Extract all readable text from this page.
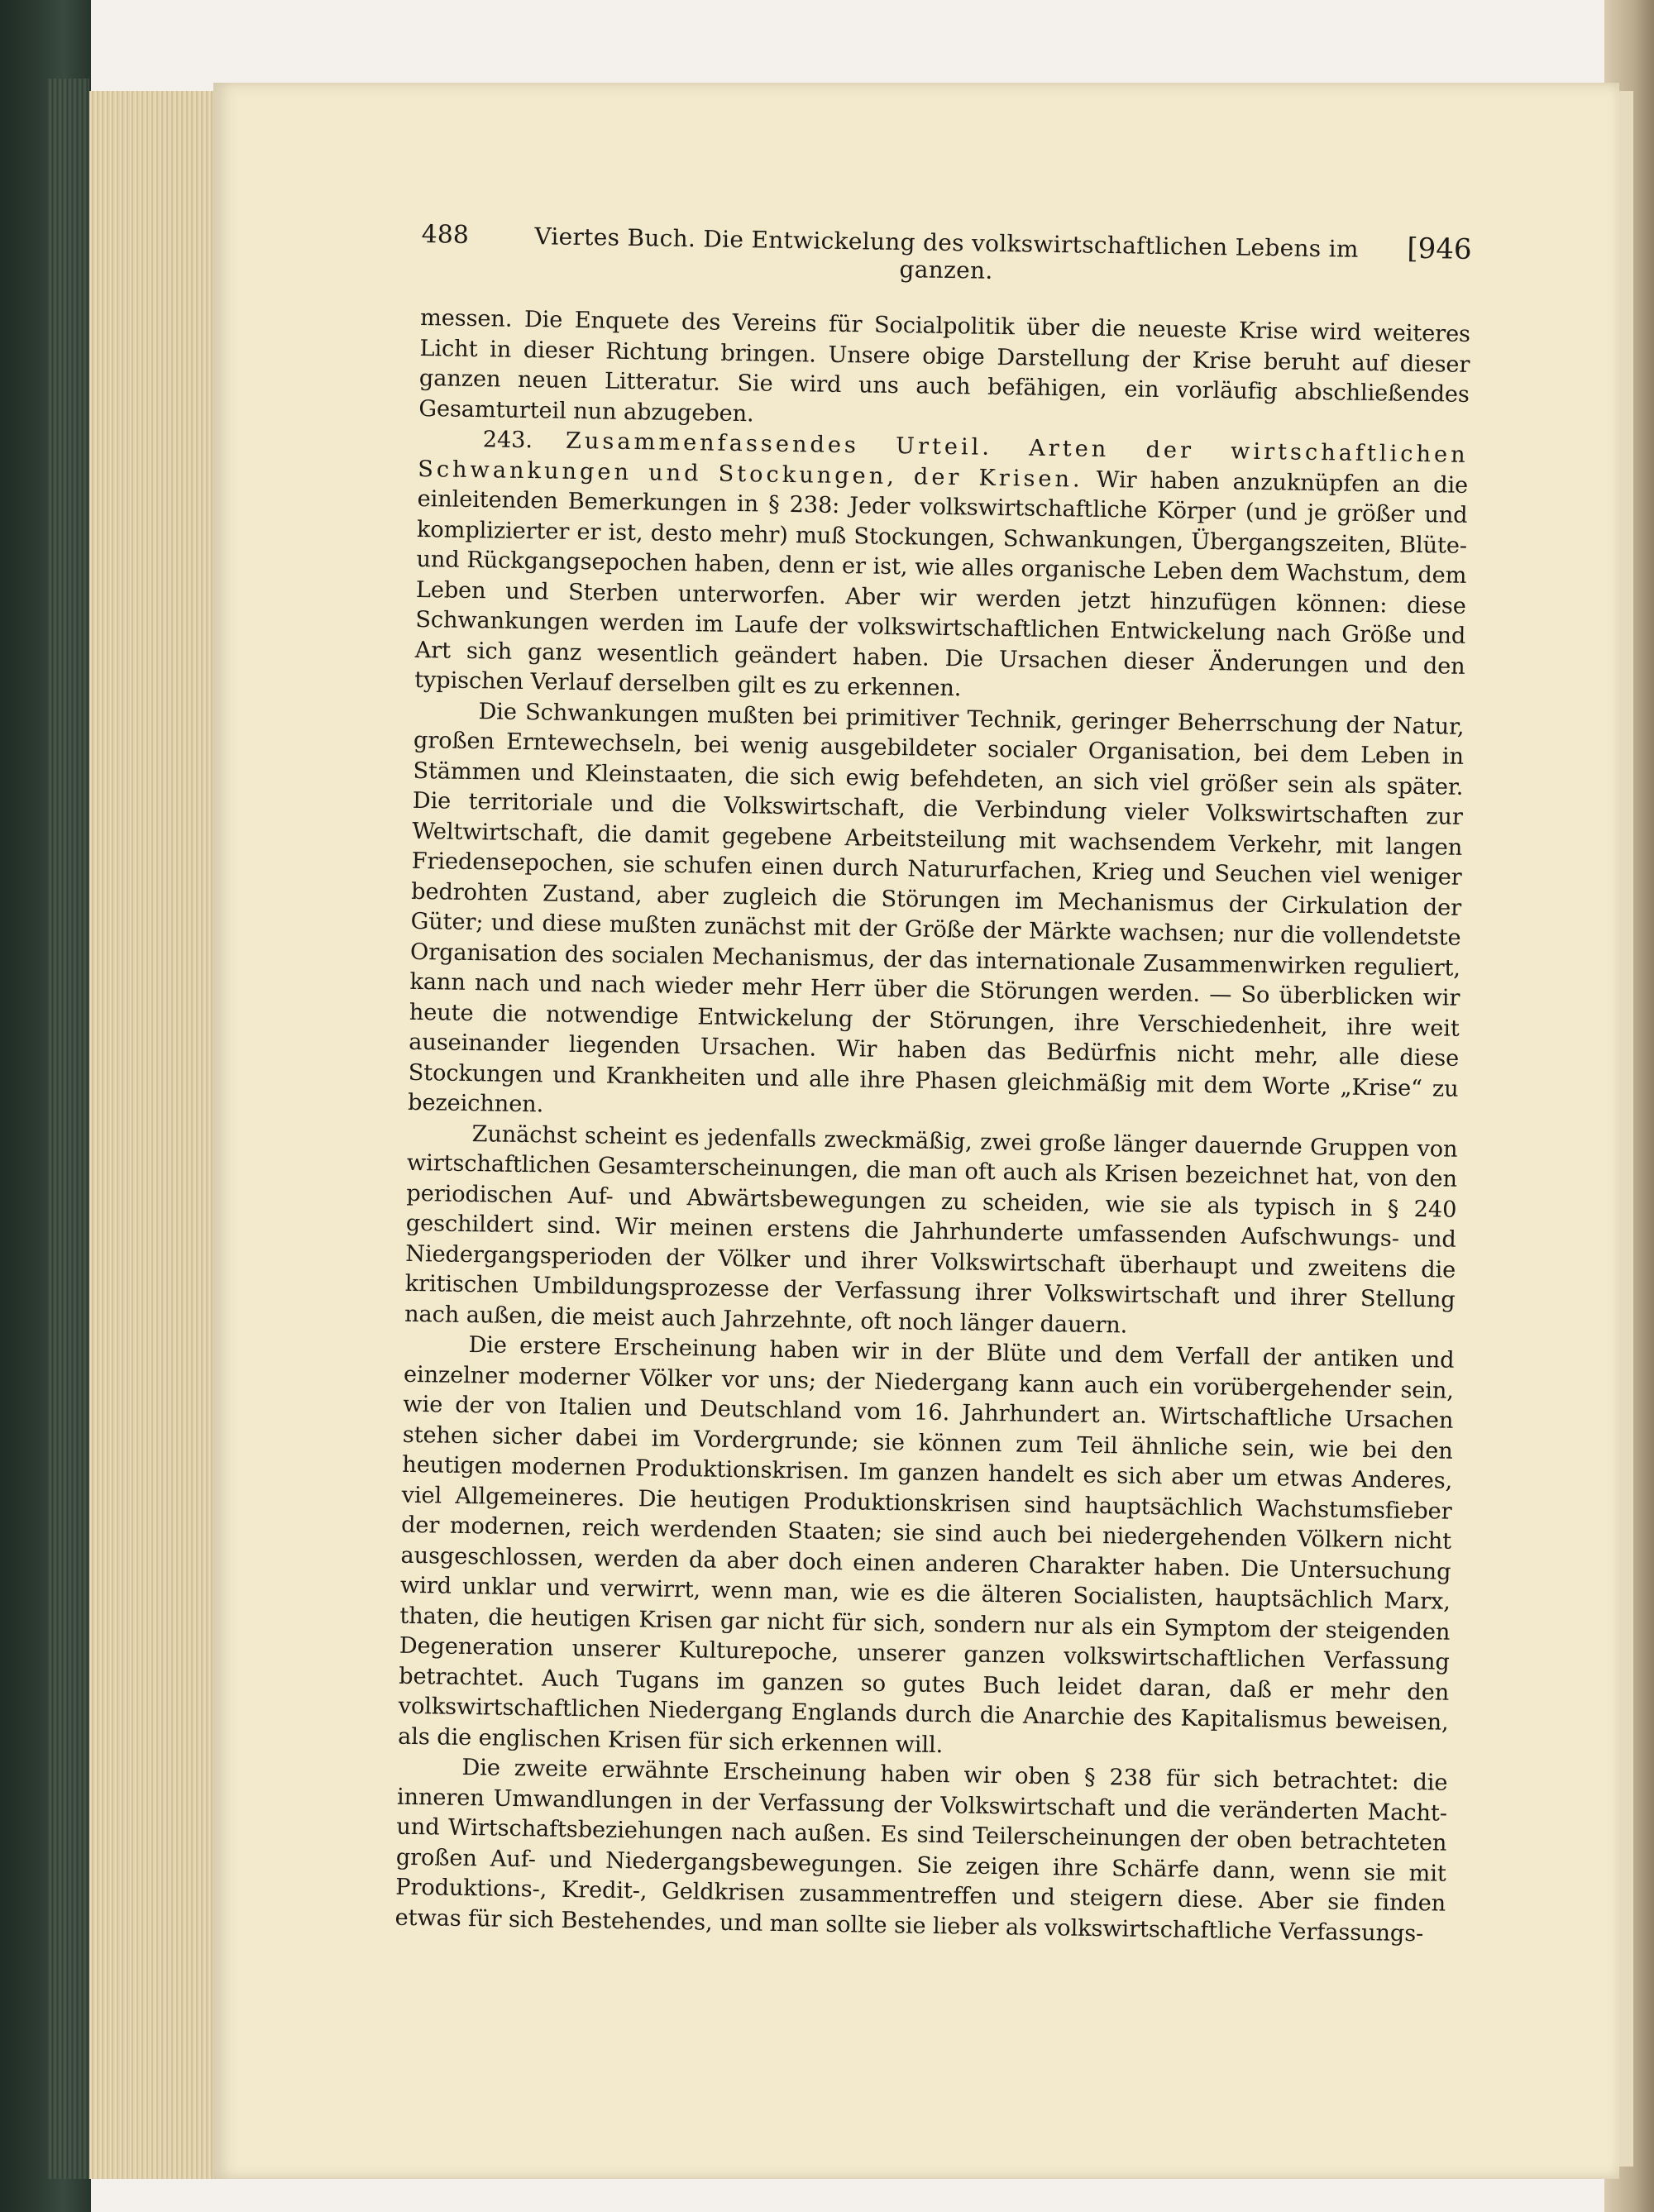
488	Viertes Buch. Die Entwickelung des volkswirtschaftlichen Lebens im ganzen.
[946

messen. Die Enquete des Vereins für Socialpolitik über die neueste Krise wird weiteres Licht in dieser Richtung bringen. Unsere obige Darstellung der Krise beruht auf dieser ganzen neuen Litteratur. Sie wird uns auch befähigen, ein vorläufig abschließendes Gesamturteil nun abzugeben.

243. Zusammenfassendes Urteil. Arten der wirtschaftlichen Schwankungen und Stockungen, der Krisen. Wir haben anzuknüpfen an die einleitenden Bemerkungen in § 238: Jeder volkswirtschaftliche Körper (und je größer und komplizierter er ist, desto mehr) muß Stockungen, Schwankungen, Übergangszeiten, Blüte- und Rückgangsepochen haben, denn er ist, wie alles organische Leben dem Wachstum, dem Leben und Sterben unterworfen. Aber wir werden jetzt hinzufügen können: diese Schwankungen werden im Laufe der volkswirtschaftlichen Entwickelung nach Größe und Art sich ganz wesentlich geändert haben. Die Ursachen dieser Änderungen und den typischen Verlauf derselben gilt es zu erkennen.

Die Schwankungen mußten bei primitiver Technik, geringer Beherrschung der Natur, großen Erntewechseln, bei wenig ausgebildeter socialer Organisation, bei dem Leben in Stämmen und Kleinstaaten, die sich ewig befehdeten, an sich viel größer sein als später. Die territoriale und die Volkswirtschaft, die Verbindung vieler Volkswirtschaften zur Weltwirtschaft, die damit gegebene Arbeitsteilung mit wachsendem Verkehr, mit langen Friedensepochen, sie schufen einen durch Natururfachen, Krieg und Seuchen viel weniger bedrohten Zustand, aber zugleich die Störungen im Mechanismus der Cirkulation der Güter; und diese mußten zunächst mit der Größe der Märkte wachsen; nur die vollendetste Organisation des socialen Mechanismus, der das internationale Zusammenwirken reguliert, kann nach und nach wieder mehr Herr über die Störungen werden. — So überblicken wir heute die notwendige Entwickelung der Störungen, ihre Verschiedenheit, ihre weit auseinander liegenden Ursachen. Wir haben das Bedürfnis nicht mehr, alle diese Stockungen und Krankheiten und alle ihre Phasen gleichmäßig mit dem Worte „Krise“ zu bezeichnen.

Zunächst scheint es jedenfalls zweckmäßig, zwei große länger dauernde Gruppen von wirtschaftlichen Gesamterscheinungen, die man oft auch als Krisen bezeichnet hat, von den periodischen Auf- und Abwärtsbewegungen zu scheiden, wie sie als typisch in § 240 geschildert sind. Wir meinen erstens die Jahrhunderte umfassenden Aufschwungs- und Niedergangsperioden der Völker und ihrer Volkswirtschaft überhaupt und zweitens die kritischen Umbildungsprozesse der Verfassung ihrer Volkswirtschaft und ihrer Stellung nach außen, die meist auch Jahrzehnte, oft noch länger dauern.

Die erstere Erscheinung haben wir in der Blüte und dem Verfall der antiken und einzelner moderner Völker vor uns; der Niedergang kann auch ein vorübergehender sein, wie der von Italien und Deutschland vom 16. Jahrhundert an. Wirtschaftliche Ursachen stehen sicher dabei im Vordergrunde; sie können zum Teil ähnliche sein, wie bei den heutigen modernen Produktionskrisen. Im ganzen handelt es sich aber um etwas Anderes, viel Allgemeineres. Die heutigen Produktionskrisen sind hauptsächlich Wachstumsfieber der modernen, reich werdenden Staaten; sie sind auch bei niedergehenden Völkern nicht ausgeschlossen, werden da aber doch einen anderen Charakter haben. Die Untersuchung wird unklar und verwirrt, wenn man, wie es die älteren Socialisten, hauptsächlich Marx, thaten, die heutigen Krisen gar nicht für sich, sondern nur als ein Symptom der steigenden Degeneration unserer Kulturepoche, unserer ganzen volkswirtschaftlichen Verfassung betrachtet. Auch Tugans im ganzen so gutes Buch leidet daran, daß er mehr den volkswirtschaftlichen Niedergang Englands durch die Anarchie des Kapitalismus beweisen, als die englischen Krisen für sich erkennen will.

Die zweite erwähnte Erscheinung haben wir oben § 238 für sich betrachtet: die inneren Umwandlungen in der Verfassung der Volkswirtschaft und die veränderten Macht- und Wirtschaftsbeziehungen nach außen. Es sind Teilerscheinungen der oben betrachteten großen Auf- und Niedergangsbewegungen. Sie zeigen ihre Schärfe dann, wenn sie mit Produktions-, Kredit-, Geldkrisen zusammentreffen und steigern diese. Aber sie finden etwas für sich Bestehendes, und man sollte sie lieber als volkswirtschaftliche Verfassungs-
